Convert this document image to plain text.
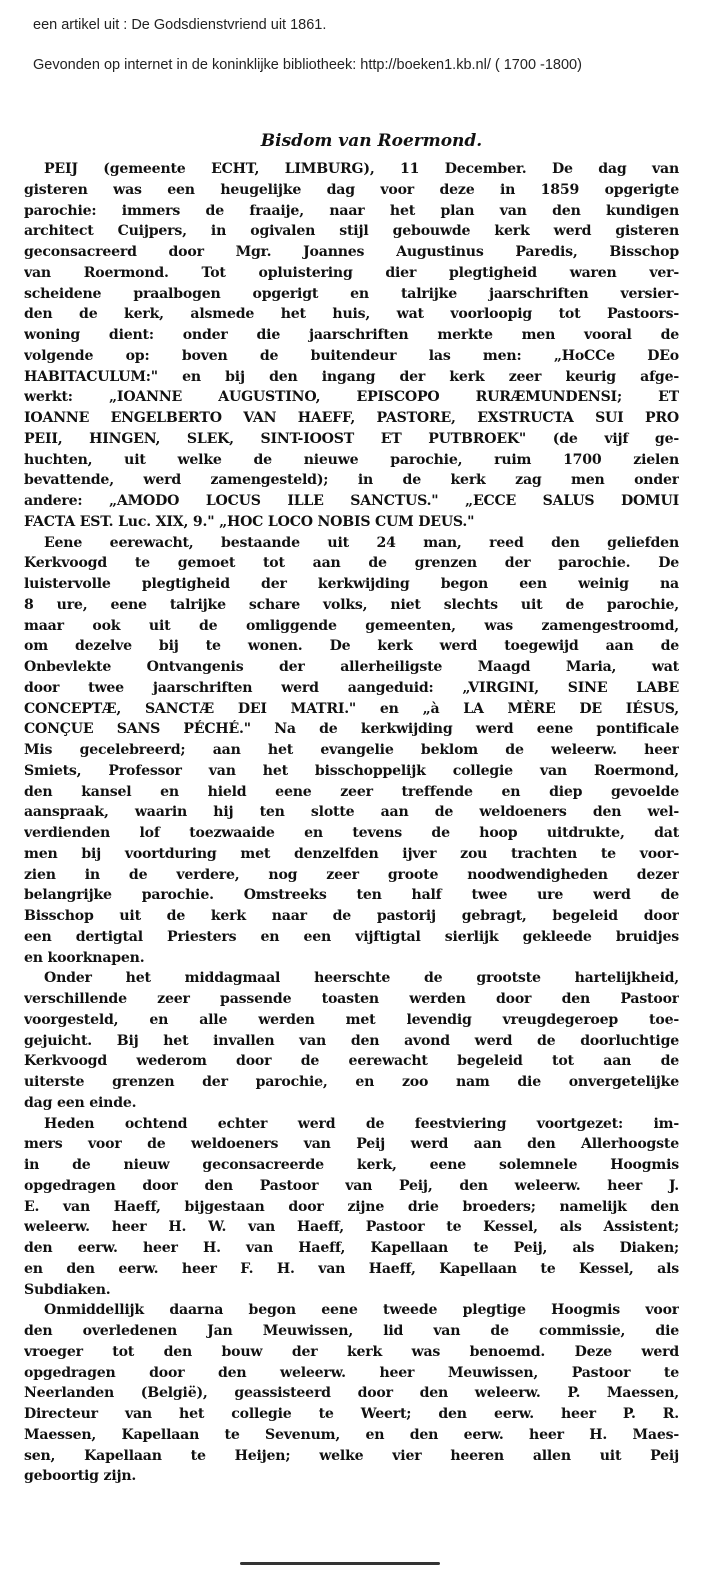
een artikel uit : De Godsdienstvriend uit 1861.
Gevonden op internet in de koninklijke bibliotheek: http://boeken1.kb.nl/ ( 1700 -1800)
Bisdom van Roermond.
PEIJ (gemeente ECHT, LIMBURG), 11 December. De dag van
gisteren was een heugelijke dag voor deze in 1859 opgerigte
parochie: immers de fraaije, naar het plan van den kundigen
architect Cuijpers, in ogivalen stijl gebouwde kerk werd gisteren
geconsacreerd door Mgr. Joannes Augustinus Paredis, Bisschop
van Roermond. Tot opluistering dier plegtigheid waren ver-
scheidene praalbogen opgerigt en talrijke jaarschriften versier-
den de kerk, alsmede het huis, wat voorloopig tot Pastoors-
woning dient: onder die jaarschriften merkte men vooral de
volgende op: boven de buitendeur las men: „HoCCe DEo
HABITACULUM:" en bij den ingang der kerk zeer keurig afge-
werkt: „IOANNE AUGUSTINO, EPISCOPO RURÆMUNDENSI; ET
IOANNE ENGELBERTO VAN HAEFF, PASTORE, EXSTRUCTA SUI PRO
PEII, HINGEN, SLEK, SINT-IOOST ET PUTBROEK" (de vijf ge-
huchten, uit welke de nieuwe parochie, ruim 1700 zielen
bevattende, werd zamengesteld); in de kerk zag men onder
andere: „AMODO LOCUS ILLE SANCTUS." „ECCE SALUS DOMUI
FACTA EST. Luc. XIX, 9." „HOC LOCO NOBIS CUM DEUS."
Eene eerewacht, bestaande uit 24 man, reed den geliefden
Kerkvoogd te gemoet tot aan de grenzen der parochie. De
luistervolle plegtigheid der kerkwijding begon een weinig na
8 ure, eene talrijke schare volks, niet slechts uit de parochie,
maar ook uit de omliggende gemeenten, was zamengestroomd,
om dezelve bij te wonen. De kerk werd toegewijd aan de
Onbevlekte Ontvangenis der allerheiligste Maagd Maria, wat
door twee jaarschriften werd aangeduid: „VIRGINI, SINE LABE
CONCEPTÆ, SANCTÆ DEI MATRI." en „à LA MÈRE DE IÉSUS,
CONÇUE SANS PÉCHÉ." Na de kerkwijding werd eene pontificale
Mis gecelebreerd; aan het evangelie beklom de weleerw. heer
Smiets, Professor van het bisschoppelijk collegie van Roermond,
den kansel en hield eene zeer treffende en diep gevoelde
aanspraak, waarin hij ten slotte aan de weldoeners den wel-
verdienden lof toezwaaide en tevens de hoop uitdrukte, dat
men bij voortduring met denzelfden ijver zou trachten te voor-
zien in de verdere, nog zeer groote noodwendigheden dezer
belangrijke parochie. Omstreeks ten half twee ure werd de
Bisschop uit de kerk naar de pastorij gebragt, begeleid door
een dertigtal Priesters en een vijftigtal sierlijk gekleede bruidjes
en koorknapen.
Onder het middagmaal heerschte de grootste hartelijkheid,
verschillende zeer passende toasten werden door den Pastoor
voorgesteld, en alle werden met levendig vreugdegeroep toe-
gejuicht. Bij het invallen van den avond werd de doorluchtige
Kerkvoogd wederom door de eerewacht begeleid tot aan de
uiterste grenzen der parochie, en zoo nam die onvergetelijke
dag een einde.
Heden ochtend echter werd de feestviering voortgezet: im-
mers voor de weldoeners van Peij werd aan den Allerhoogste
in de nieuw geconsacreerde kerk, eene solemnele Hoogmis
opgedragen door den Pastoor van Peij, den weleerw. heer J.
E. van Haeff, bijgestaan door zijne drie broeders; namelijk den
weleerw. heer H. W. van Haeff, Pastoor te Kessel, als Assistent;
den eerw. heer H. van Haeff, Kapellaan te Peij, als Diaken;
en den eerw. heer F. H. van Haeff, Kapellaan te Kessel, als
Subdiaken.
Onmiddellijk daarna begon eene tweede plegtige Hoogmis voor
den overledenen Jan Meuwissen, lid van de commissie, die
vroeger tot den bouw der kerk was benoemd. Deze werd
opgedragen door den weleerw. heer Meuwissen, Pastoor te
Neerlanden (België), geassisteerd door den weleerw. P. Maessen,
Directeur van het collegie te Weert; den eerw. heer P. R.
Maessen, Kapellaan te Sevenum, en den eerw. heer H. Maes-
sen, Kapellaan te Heijen; welke vier heeren allen uit Peij
geboortig zijn.
